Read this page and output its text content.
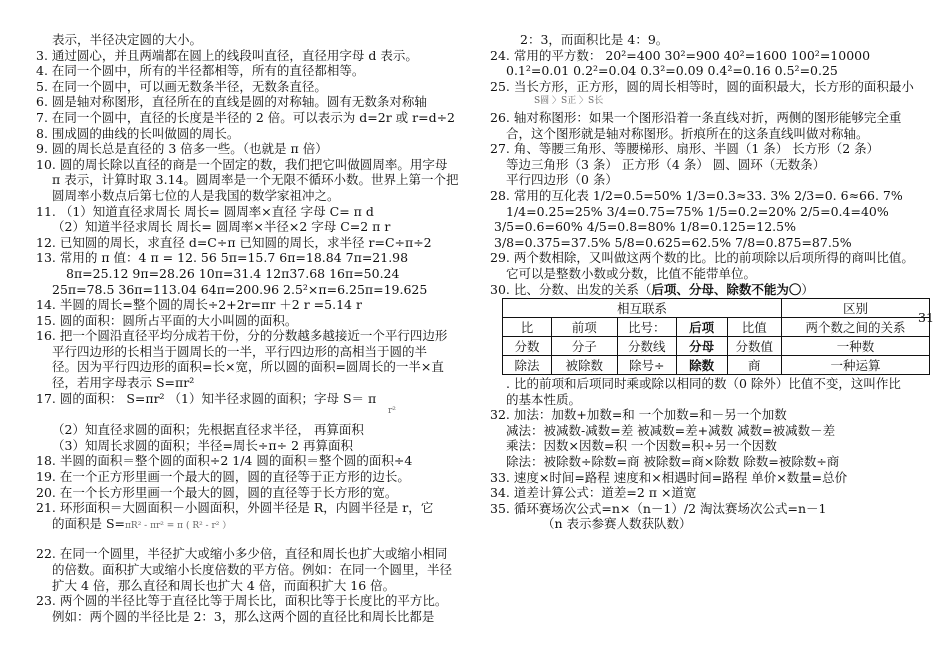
表示，半径决定圆的大小。
3. 通过圆心，并且两端都在圆上的线段叫直径，直径用字母 d 表示。
4. 在同一个圆中，所有的半径都相等，所有的直径都相等。
5. 在同一个圆中，可以画无数条半径，无数条直径。
6. 圆是轴对称图形，直径所在的直线是圆的对称轴。圆有无数条对称轴
7. 在同一个圆中，直径的长度是半径的 2 倍。可以表示为 d=2r 或 r=d÷2
8. 围成圆的曲线的长叫做圆的周长。
9. 圆的周长总是直径的 3 倍多一些。（也就是 π 倍）
10. 圆的周长除以直径的商是一个固定的数，我们把它叫做圆周率。用字母
π 表示，计算时取 3.14。圆周率是一个无限不循环小数。世界上第一个把
圆周率小数点后第七位的人是我国的数学家祖冲之。
11. （1）知道直径求周长 周长= 圆周率×直径 字母 C= π d
（2）知道半径求周长 周长= 圆周率×半径×2 字母 C=2 π r
12. 已知圆的周长，求直径 d=C÷π 已知圆的周长，求半径 r=C÷π÷2
13. 常用的 π 值：4 π = 12. 56 5π=15.7 6π=18.84 7π=21.98
8π=25.12 9π=28.26 10π=31.4 12π37.68 16π=50.24
25π=78.5 36π=113.04 64π=200.96 2.5²×π=6.25π=19.625
14. 半圆的周长=整个圆的周长÷2+2r=πr ＋2 r =5.14 r
15. 圆的面积：圆所占平面的大小叫圆的面积。
16. 把一个圆沿直径平均分成若干份，分的分数越多越接近一个平行四边形
平行四边形的长相当于圆周长的一半，平行四边形的高相当于圆的半
径。因为平行四边形的面积=长×宽，所以圆的面积=圆周长的一半×直
径，若用字母表示 S=πr²
17. 圆的面积： S=πr² （1）知半径求圆的面积；字母 S＝ π
r²
（2）知直径求圆的面积；先根据直径求半径， 再算面积
（3）知周长求圆的面积；半径=周长÷π÷ 2 再算面积
18. 半圆的面积＝整个圆的面积÷2 1/4 圆的面积＝整个圆的面积÷4
19. 在一个正方形里画一个最大的圆，圆的直径等于正方形的边长。
20. 在一个长方形里画一个最大的圆，圆的直径等于长方形的宽。
21. 环形面积＝大圆面积－小圆面积，外圆半径是 R，内圆半径是 r，它
的面积是 S=πR² - πr² = π ( R² - r² ）
22. 在同一个圆里，半径扩大或缩小多少倍，直径和周长也扩大或缩小相同
的倍数。面积扩大或缩小长度倍数的平方倍。例如：在同一个圆里，半径
扩大 4 倍，那么直径和周长也扩大 4 倍，而面积扩大 16 倍。
23. 两个圆的半径比等于直径比等于周长比，面积比等于长度比的平方比。
例如：两个圆的半径比是 2：3，那么这两个圆的直径比和周长比都是
2：3，而面积比是 4：9。
24. 常用的平方数： 20²=400 30²=900 40²=1600 100²=10000
0.1²=0.01 0.2²=0.04 0.3²=0.09 0.4²=0.16 0.5²=0.25
25. 当长方形，正方形，圆的周长相等时，圆的面积最大，长方形的面积最小
S圆 〉S正 〉S长
26. 轴对称图形：如果一个图形沿着一条直线对折，两侧的图形能够完全重
合，这个图形就是轴对称图形。折痕所在的这条直线叫做对称轴。
27. 角、等腰三角形、等腰梯形、扇形、半圆（1 条） 长方形（2 条）
等边三角形（3 条） 正方形（4 条） 圆、圆环（无数条）
平行四边形（0 条）
28. 常用的互化表 1/2=0.5=50% 1/3=0.3≈33. 3% 2/3=0. 6≈66. 7%
1/4=0.25=25% 3/4=0.75=75% 1/5=0.2=20% 2/5=0.4=40%
3/5=0.6=60% 4/5=0.8=80% 1/8=0.125=12.5%
3/8=0.375=37.5% 5/8=0.625=62.5% 7/8=0.875=87.5%
29. 两个数相除，又叫做这两个数的比。比的前项除以后项所得的商叫比值。
它可以是整数小数或分数，比值不能带单位。
30. 比、分数、出发的关系（后项、分母、除数不能为〇）
相互联系					区别
比	前项	比号：	后项	比值	两个数之间的关系
分数	分子	分数线	分母	分数值	一种数
除法	被除数	除号÷	除数	商	一种运算
. 比的前项和后项同时乘或除以相同的数（0 除外）比值不变，这叫作比
的基本性质。
32. 加法：加数+加数=和 一个加数=和－另一个加数
减法：被减数-减数=差 被减数=差+减数 减数=被减数－差
乘法：因数×因数=积 一个因数=积÷另一个因数
除法：被除数÷除数=商 被除数=商×除数 除数=被除数÷商
33. 速度×时间=路程 速度和×相遇时间=路程 单价×数量=总价
34. 道差计算公式：道差=2 π ×道宽
35. 循环赛场次公式=n×（n－1）/2 淘汰赛场次公式=n－1
（n 表示参赛人数获队数）
31
